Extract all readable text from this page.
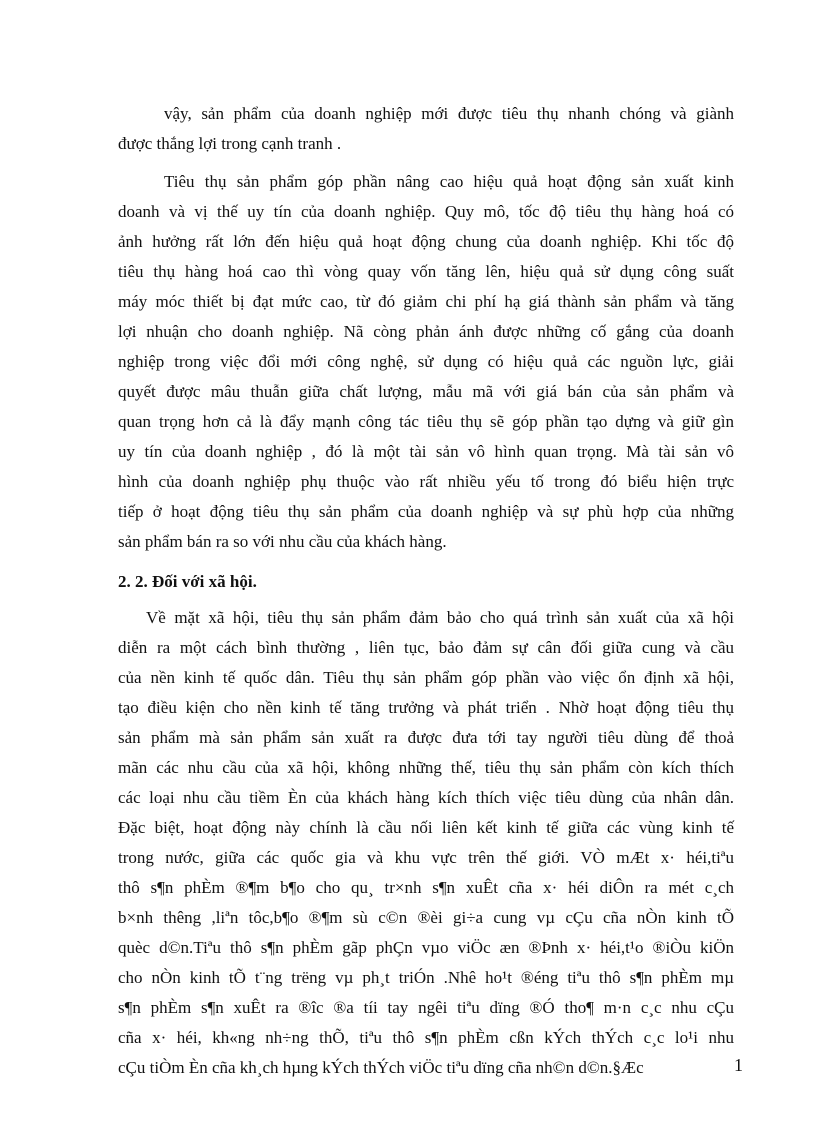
vậy, sản phẩm của doanh nghiệp mới được tiêu thụ nhanh chóng và giành
được thắng lợi trong cạnh tranh .
Tiêu thụ sản phẩm góp phần nâng cao hiệu quả hoạt động sản xuất kinh
doanh và vị thế uy tín của doanh nghiệp. Quy mô, tốc độ tiêu thụ hàng hoá có
ảnh hưởng rất lớn đến hiệu quả hoạt động chung của doanh nghiệp. Khi tốc độ
tiêu thụ hàng hoá cao thì vòng quay vốn tăng lên, hiệu quả sử dụng công suất
máy móc thiết bị đạt mức cao, từ đó giảm chi phí hạ giá thành sản phẩm và tăng
lợi nhuận cho doanh nghiệp. Nã còng phản ánh được những cố gắng của doanh
nghiệp trong việc đổi mới công nghệ, sử dụng có hiệu quả các nguồn lực, giải
quyết được mâu thuẫn giữa chất lượng, mẫu mã với giá bán của sản phẩm và
quan trọng hơn cả là đẩy mạnh công tác tiêu thụ sẽ góp phần tạo dựng và giữ gìn
uy tín của doanh nghiệp , đó là một tài sản vô hình quan trọng. Mà tài sản vô
hình của doanh nghiệp phụ thuộc vào rất nhiều yếu tố trong đó biểu hiện trực
tiếp ở hoạt động tiêu thụ sản phẩm của doanh nghiệp và sự phù hợp của những
sản phẩm bán ra so với nhu cầu của khách hàng.
2. 2. Đối với xã hội.
Về mặt xã hội, tiêu thụ sản phẩm đảm bảo cho quá trình sản xuất của xã hội
diễn ra một cách bình thường , liên tục, bảo đảm sự cân đối giữa cung và cầu
của nền kinh tế quốc dân. Tiêu thụ sản phẩm góp phần vào việc ổn định xã hội,
tạo điều kiện cho nền kinh tế tăng trưởng và phát triển . Nhờ hoạt động tiêu thụ
sản phẩm mà sản phẩm sản xuất ra được đưa tới tay người tiêu dùng để thoả
mãn các nhu cầu của xã hội, không những thế, tiêu thụ sản phẩm còn kích thích
các loại nhu cầu tiềm Èn của khách hàng kích thích việc tiêu dùng của nhân dân.
Đặc biệt, hoạt động này chính là cầu nối liên kết kinh tế giữa các vùng kinh tế
trong nước, giữa các quốc gia và khu vực trên thế giới. VÒ mÆt x· héi,tiªu
thô s¶n phÈm ®¶m b¶o cho qu¸ tr×nh s¶n xuÊt cña x· héi diÔn ra mét c¸ch
b×nh thêng ,liªn tôc,b¶o ®¶m sù c©n ®èi gi÷a cung vµ cÇu cña nÒn kinh tÕ
quèc d©n.Tiªu thô s¶n phÈm gãp phÇn vµo viÖc æn ®Þnh x· héi,t¹o ®iÒu kiÖn
cho nÒn kinh tÕ t¨ng trëng vµ ph¸t triÓn .Nhê ho¹t ®éng tiªu thô s¶n phÈm mµ
s¶n phÈm s¶n xuÊt ra ®îc ®a tíi tay ngêi tiªu dïng ®Ó tho¶ m·n c¸c nhu cÇu
cña x· héi, kh«ng nh÷ng thÕ, tiªu thô s¶n phÈm cßn kÝch thÝch c¸c lo¹i nhu
cÇu tiÒm Èn cña kh¸ch hµng kÝch thÝch viÖc tiªu dïng cña nh©n d©n.§Æc	1
